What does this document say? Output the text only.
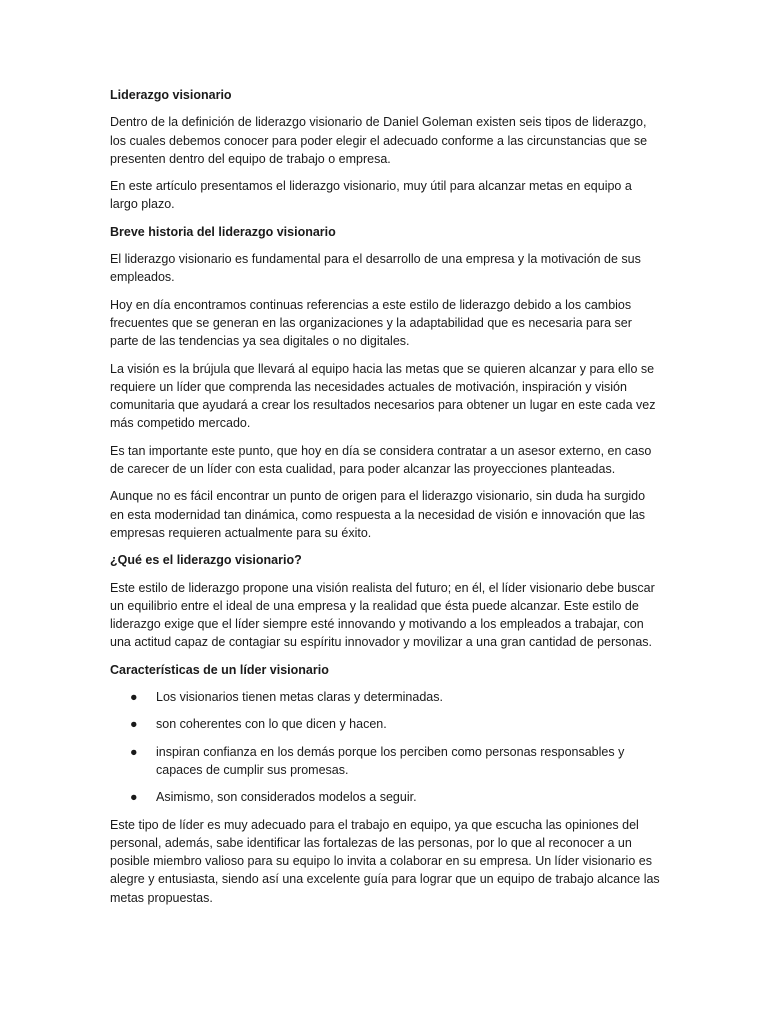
Liderazgo visionario

Dentro de la definición de liderazgo visionario de Daniel Goleman existen seis tipos de liderazgo, los cuales debemos conocer para poder elegir el adecuado conforme a las circunstancias que se presenten dentro del equipo de trabajo o empresa.

En este artículo presentamos el liderazgo visionario, muy útil para alcanzar metas en equipo a largo plazo.

Breve historia del liderazgo visionario

El liderazgo visionario es fundamental para el desarrollo de una empresa y la motivación de sus empleados.

Hoy en día encontramos continuas referencias a este estilo de liderazgo debido a los cambios frecuentes que se generan en las organizaciones y la adaptabilidad que es necesaria para ser parte de las tendencias ya sea digitales o no digitales.

La visión es la brújula que llevará al equipo hacia las metas que se quieren alcanzar y para ello se requiere un líder que comprenda las necesidades actuales de motivación, inspiración y visión comunitaria que ayudará a crear los resultados necesarios para obtener un lugar en este cada vez más competido mercado.

Es tan importante este punto, que hoy en día se considera contratar a un asesor externo, en caso de carecer de un líder con esta cualidad, para poder alcanzar las proyecciones planteadas.

Aunque no es fácil encontrar un punto de origen para el liderazgo visionario, sin duda ha surgido en esta modernidad tan dinámica, como respuesta a la necesidad de visión e innovación que las empresas requieren actualmente para su éxito.

¿Qué es el liderazgo visionario?

Este estilo de liderazgo propone una visión realista del futuro; en él, el líder visionario debe buscar un equilibrio entre el ideal de una empresa y la realidad que ésta puede alcanzar. Este estilo de liderazgo exige que el líder siempre esté innovando y motivando a los empleados a trabajar, con una actitud capaz de contagiar su espíritu innovador y movilizar a una gran cantidad de personas.

Características de un líder visionario

● Los visionarios tienen metas claras y determinadas.
● son coherentes con lo que dicen y hacen.
● inspiran confianza en los demás porque los perciben como personas responsables y capaces de cumplir sus promesas.
● Asimismo, son considerados modelos a seguir.

Este tipo de líder es muy adecuado para el trabajo en equipo, ya que escucha las opiniones del personal, además, sabe identificar las fortalezas de las personas, por lo que al reconocer a un posible miembro valioso para su equipo lo invita a colaborar en su empresa. Un líder visionario es alegre y entusiasta, siendo así una excelente guía para lograr que un equipo de trabajo alcance las metas propuestas.
